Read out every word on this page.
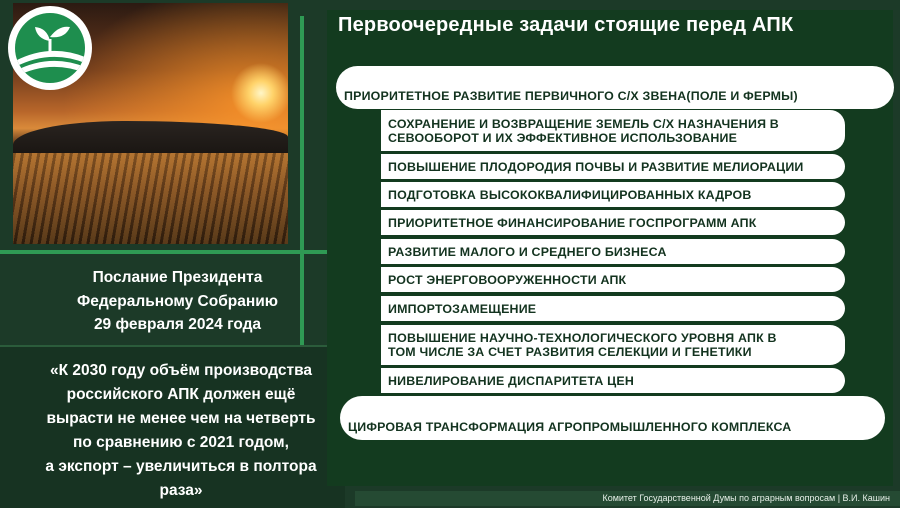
Послание Президента
Федеральному Собранию
29 февраля 2024 года
«К 2030 году объём производства
российского АПК должен ещё
вырасти не менее чем на четверть
по сравнению с 2021 годом,
а экспорт – увеличиться в полтора
раза»
Первоочередные задачи стоящие перед АПК
ПРИОРИТЕТНОЕ РАЗВИТИЕ ПЕРВИЧНОГО С/Х ЗВЕНА(ПОЛЕ И ФЕРМЫ)
СОХРАНЕНИЕ И ВОЗВРАЩЕНИЕ ЗЕМЕЛЬ С/Х НАЗНАЧЕНИЯ В
СЕВООБОРОТ И ИХ ЭФФЕКТИВНОЕ ИСПОЛЬЗОВАНИЕ
ПОВЫШЕНИЕ ПЛОДОРОДИЯ ПОЧВЫ И РАЗВИТИЕ МЕЛИОРАЦИИ
ПОДГОТОВКА ВЫСОКОКВАЛИФИЦИРОВАННЫХ КАДРОВ
ПРИОРИТЕТНОЕ ФИНАНСИРОВАНИЕ ГОСПРОГРАММ АПК
РАЗВИТИЕ МАЛОГО И СРЕДНЕГО БИЗНЕСА
РОСТ ЭНЕРГОВООРУЖЕННОСТИ АПК
ИМПОРТОЗАМЕЩЕНИЕ
ПОВЫШЕНИЕ НАУЧНО-ТЕХНОЛОГИЧЕСКОГО УРОВНЯ АПК В
ТОМ ЧИСЛЕ ЗА СЧЕТ РАЗВИТИЯ СЕЛЕКЦИИ И ГЕНЕТИКИ
НИВЕЛИРОВАНИЕ ДИСПАРИТЕТА ЦЕН
ЦИФРОВАЯ ТРАНСФОРМАЦИЯ АГРОПРОМЫШЛЕННОГО КОМПЛЕКСА
Комитет Государственной Думы по аграрным вопросам | В.И. Кашин
